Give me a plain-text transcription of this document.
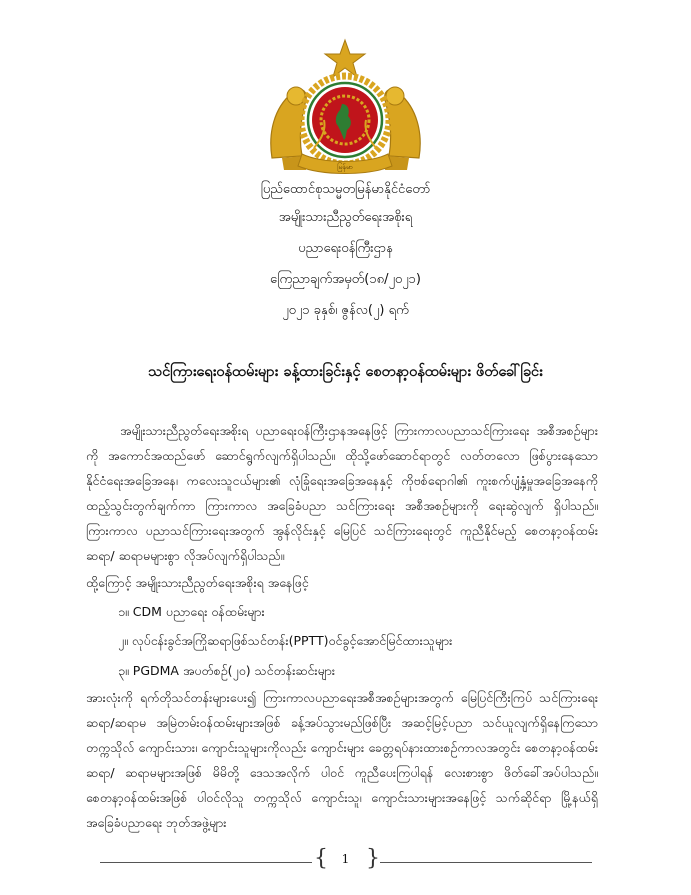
မြန်မာ
ပြည်ထောင်စုသမ္မတမြန်မာနိုင်ငံတော်
အမျိုးသားညီညွတ်ရေးအစိုးရ
ပညာရေးဝန်ကြီးဌာန
ကြေညာချက်အမှတ်(၁၈/၂၀၂၁)
၂၀၂၁ ခုနှစ်၊ ဇွန်လ(၂) ရက်
သင်ကြားရေးဝန်ထမ်းများ ခန့်ထားခြင်းနှင့် စေတနာ့ဝန်ထမ်းများ ဖိတ်ခေါ်ခြင်း
အမျိုးသားညီညွတ်ရေးအစိုးရ ပညာရေးဝန်ကြီးဌာနအနေဖြင့် ကြားကာလပညာသင်ကြားရေး အစီအစဉ်များကို အကောင်အထည်ဖော် ဆောင်ရွက်လျက်ရှိပါသည်။ ထိုသို့ဖော်ဆောင်ရာတွင် လတ်တလော ဖြစ်ပွားနေသော နိုင်ငံရေးအခြေအနေ၊ ကလေးသူငယ်များ၏ လုံခြုံရေးအခြေအနေနှင့် ကိုဗစ်ရောဂါ၏ ကူးစက်ပျံ့နှံ့မှုအခြေအနေကို ထည့်သွင်းတွက်ချက်ကာ ကြားကာလ အခြေခံပညာ သင်ကြားရေး အစီအစဉ်များကို ရေးဆွဲလျက် ရှိပါသည်။ ကြားကာလ ပညာသင်ကြားရေးအတွက် အွန်လိုင်းနှင့် မြေပြင် သင်ကြားရေးတွင် ကူညီနိုင်မည့် စေတနာ့ဝန်ထမ်း ဆရာ/ ဆရာမများစွာ လိုအပ်လျက်ရှိပါသည်။
ထို့ကြောင့် အမျိုးသားညီညွတ်ရေးအစိုးရ အနေဖြင့်
၁။ CDM ပညာရေး ဝန်ထမ်းများ
၂။ လုပ်ငန်းခွင်အကြိုဆရာဖြစ်သင်တန်း(PPTT)ဝင်ခွင့်အောင်မြင်ထားသူများ
၃။ PGDMA အပတ်စဉ်(၂၀) သင်တန်းဆင်းများ
အားလုံးကို ရက်တိုသင်တန်းများပေး၍ ကြားကာလပညာရေးအစီအစဉ်များအတွက် မြေပြင်ကြီးကြပ် သင်ကြားရေး ဆရာ/ဆရာမ အမြဲတမ်းဝန်ထမ်းများအဖြစ် ခန့်အပ်သွားမည်ဖြစ်ပြီး အဆင့်မြင့်ပညာ သင်ယူလျက်ရှိနေကြသော တက္ကသိုလ် ကျောင်းသား၊ ကျောင်းသူများကိုလည်း ကျောင်းများ ခေတ္တရပ်နားထားစဉ်ကာလအတွင်း စေတနာ့ဝန်ထမ်းဆရာ/ ဆရာမများအဖြစ် မိမိတို့ ဒေသအလိုက် ပါဝင် ကူညီပေးကြပါရန် လေးစားစွာ ဖိတ်ခေါ်အပ်ပါသည်။ စေတနာ့ဝန်ထမ်းအဖြစ် ပါဝင်လိုသူ တက္ကသိုလ် ကျောင်းသူ၊ ကျောင်းသားများအနေဖြင့် သက်ဆိုင်ရာ မြို့နယ်ရှိ အခြေခံပညာရေး ဘုတ်အဖွဲ့များ
{	1 }
